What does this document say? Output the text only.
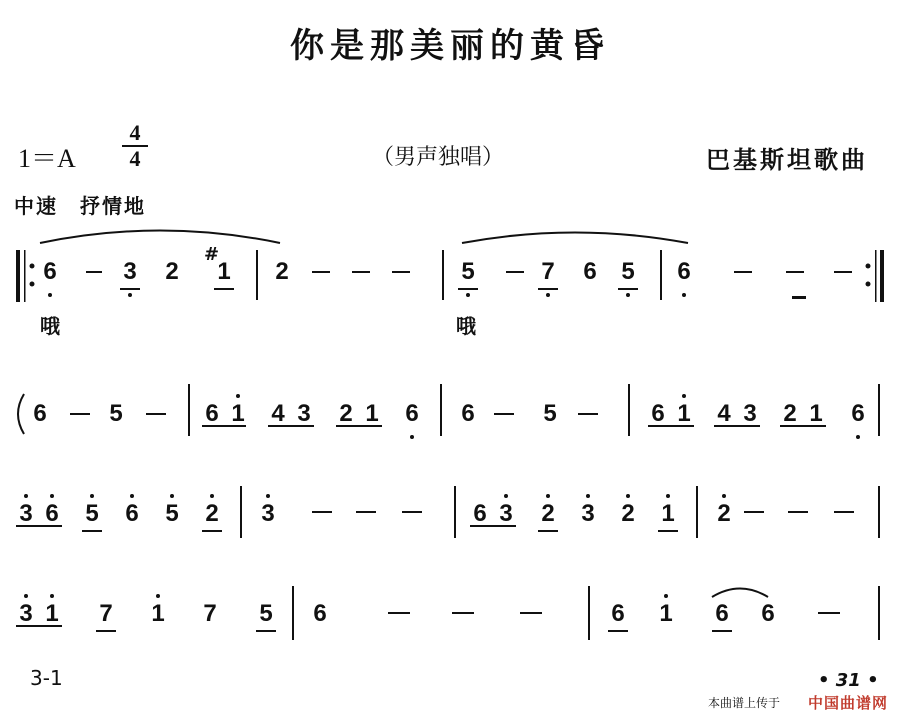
你是那美丽的黄昏
1＝A
4
4	（男声独唱）	巴基斯坦歌曲
中速　抒情地
6	3 2
#
1 2	5	7 6 5 6
哦	哦
6	5	6 1 4 3 2 1 6 6	5	6 1 4 3 2 1 6
3 6 5 6 5 2 3	6 3 2 3 2 1 2
3 1 7 1 7 5 6	6 1 6 6
3-1	• 31 •
本曲谱上传于 中国曲谱网
